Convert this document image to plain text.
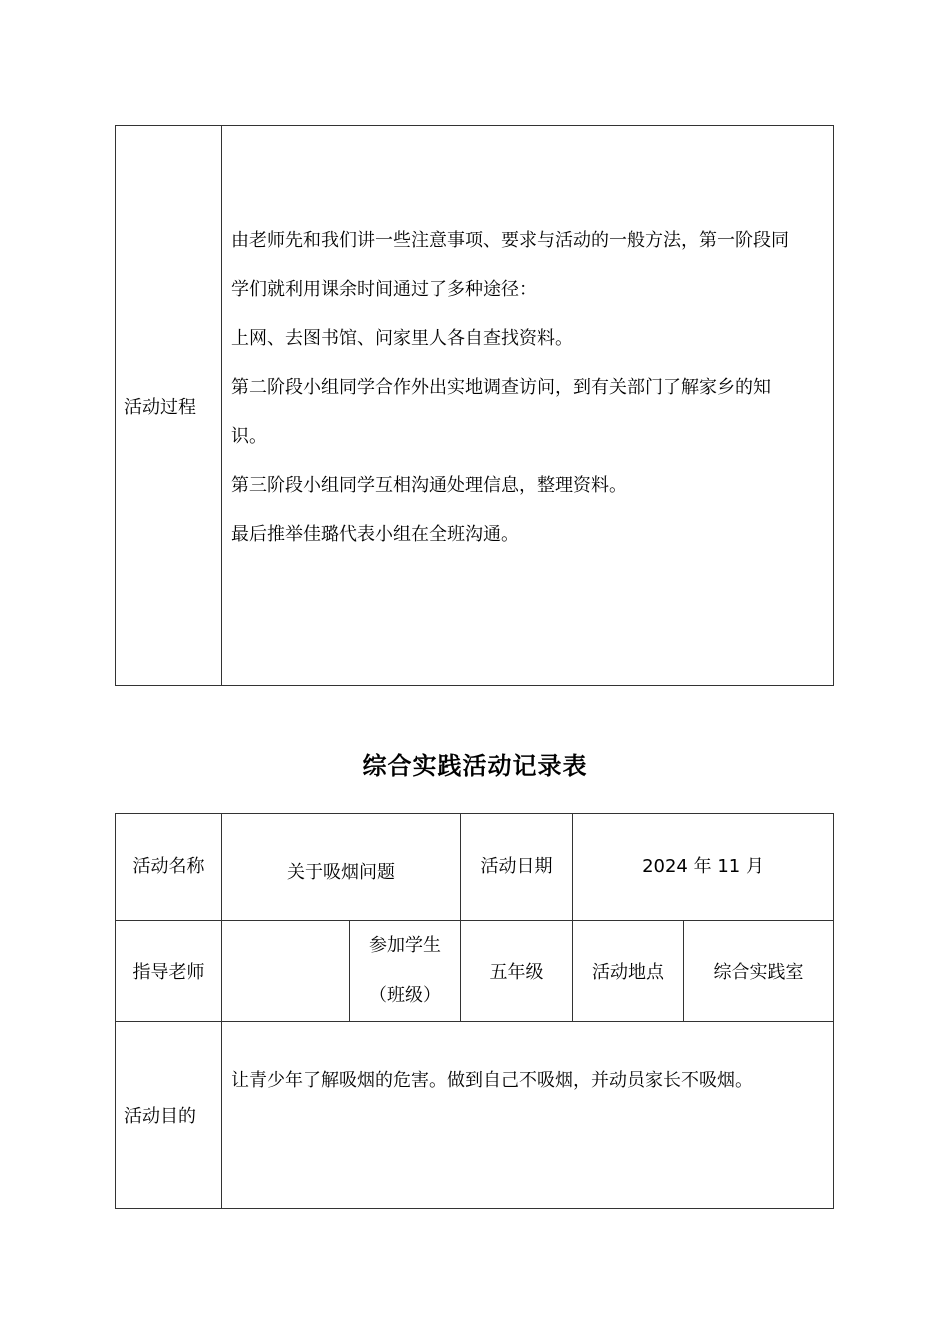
活动过程	

由老师先和我们讲一些注意事项、要求与活动的一般方法，第一阶段同

学们就利用课余时间通过了多种途径：

上网、去图书馆、问家里人各自查找资料。

第二阶段小组同学合作外出实地调查访问，到有关部门了解家乡的知

识。

第三阶段小组同学互相沟通处理信息，整理资料。

最后推举佳璐代表小组在全班沟通。

综合实践活动记录表
活动名称	关于吸烟问题		活动日期	2024 年 11 月	
指导老师		参加学生

（班级）	五年级	活动地点	综合实践室
活动目的	让青少年了解吸烟的危害。做到自己不吸烟，并动员家长不吸烟。				
